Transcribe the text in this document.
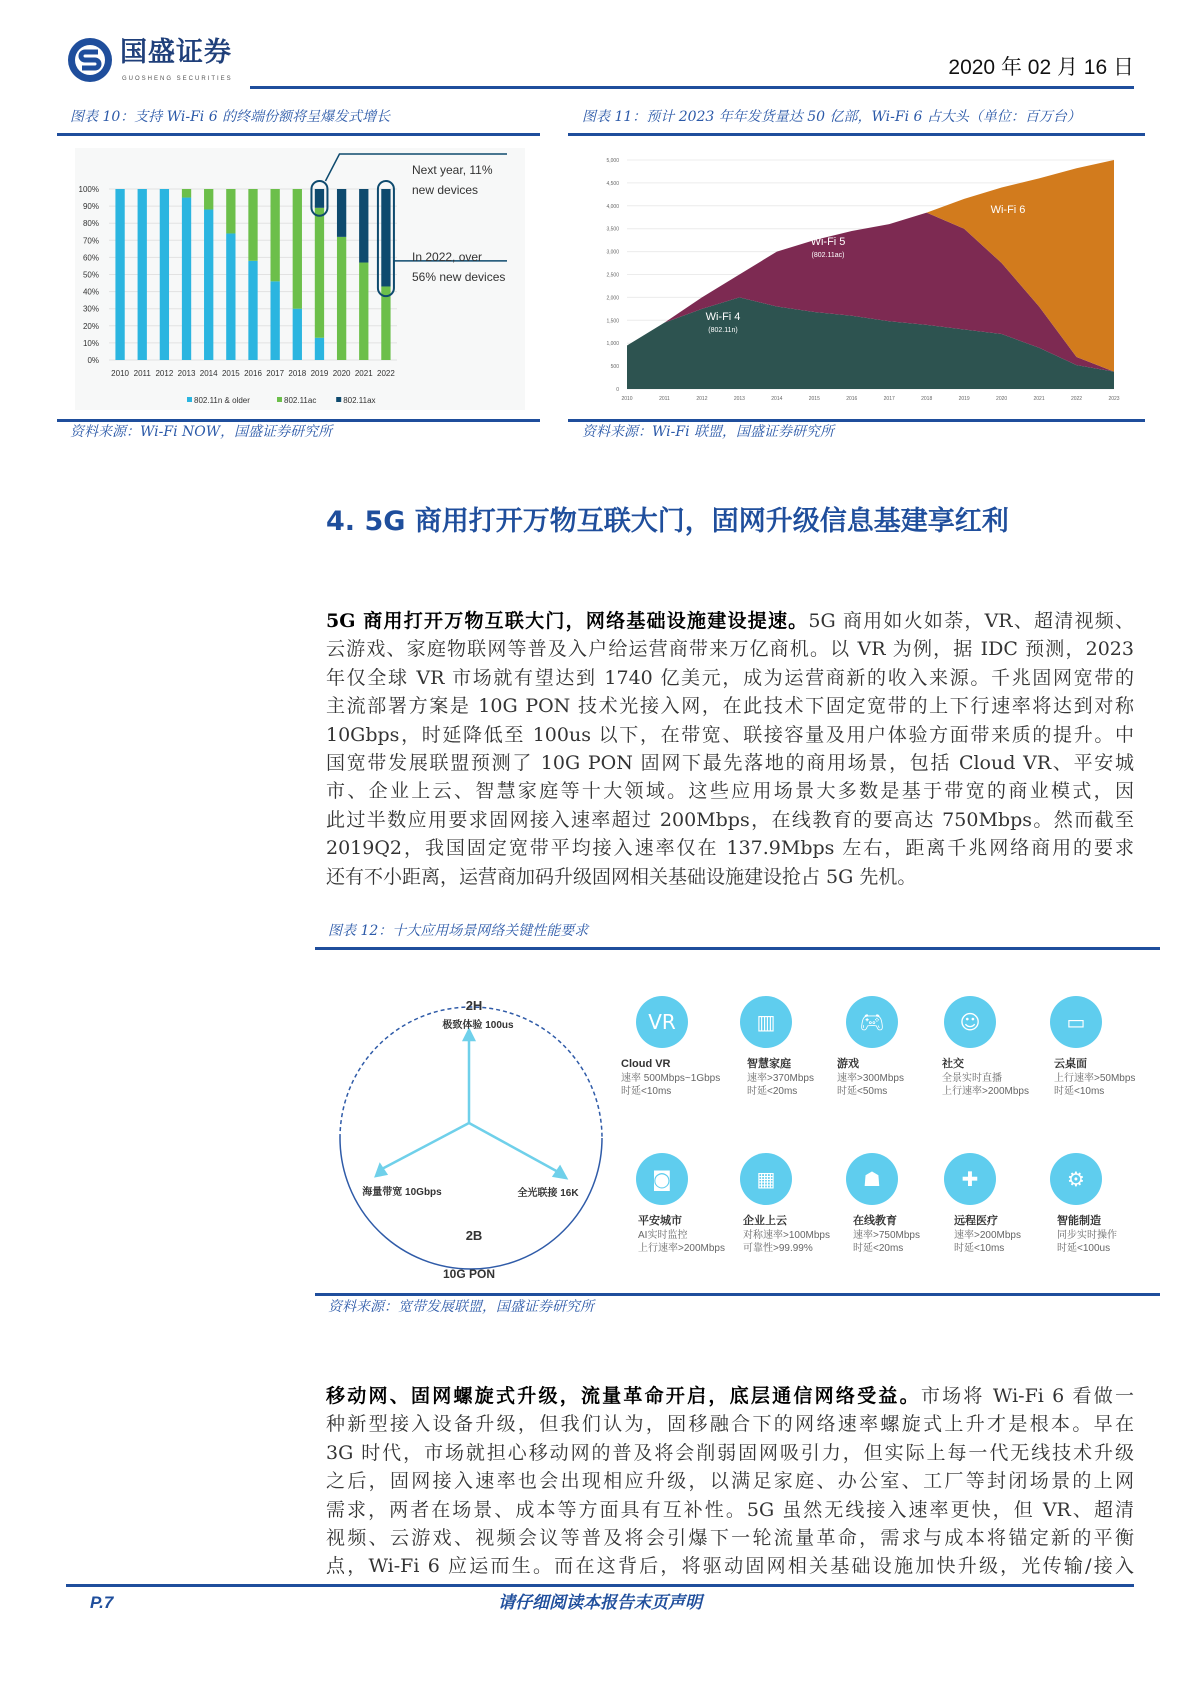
国盛证券
GUOSHENG SECURITIES	2020 年 02 月 16 日
图表 10：支持 Wi-Fi 6 的终端份额将呈爆发式增长
0%
10%
20%
30%
40%
50%
60%
70%
80%
90%
100%
2010 2011 2012 2013 2014 2015 2016 2017 2018 2019 2020 2021 2022
Next year, 11% new devices
In 2022, over 56% new devices
802.11n & older	802.11ac	802.11ax
资料来源：Wi-Fi NOW，国盛证券研究所
图表 11：预计 2023 年年发货量达 50 亿部，Wi-Fi 6 占大头（单位：百万台）
0
500
1,000
1,500
2,000
2,500
3,000
3,500
4,000
4,500
5,000
2010	2011	2012	2013	2014	2015	2016	2017	2018	2019	2020	2021	2022	2023
Wi-Fi 4
(802.11n)
Wi-Fi 5
(802.11ac)
Wi-Fi 6
资料来源：Wi-Fi 联盟，国盛证券研究所
4. 5G 商用打开万物互联大门，固网升级信息基建享红利
5G 商用打开万物互联大门，网络基础设施建设提速。5G 商用如火如荼，VR、超清视频、
云游戏、家庭物联网等普及入户给运营商带来万亿商机。以 VR 为例，据 IDC 预测，2023
年仅全球 VR 市场就有望达到 1740 亿美元，成为运营商新的收入来源。千兆固网宽带的
主流部署方案是 10G PON 技术光接入网，在此技术下固定宽带的上下行速率将达到对称
10Gbps，时延降低至 100us 以下，在带宽、联接容量及用户体验方面带来质的提升。中
国宽带发展联盟预测了 10G PON 固网下最先落地的商用场景，包括 Cloud VR、平安城
市、企业上云、智慧家庭等十大领域。这些应用场景大多数是基于带宽的商业模式，因
此过半数应用要求固网接入速率超过 200Mbps，在线教育的要高达 750Mbps。然而截至
2019Q2，我国固定宽带平均接入速率仅在 137.9Mbps 左右，距离千兆网络商用的要求
还有不小距离，运营商加码升级固网相关基础设施建设抢占 5G 先机。
图表 12：十大应用场景网络关键性能要求
2H
极致体验 100us
海量带宽 10Gbps	全光联接 16K
2B
10G PON
VR
Cloud VR
速率 500Mbps~1Gbps
时延<10ms
▥
智慧家庭
速率>370Mbps
时延<20ms
🎮︎
游戏
速率>300Mbps
时延<50ms
☺
社交
全景实时直播
上行速率>200Mbps
▭
云桌面
上行速率>50Mbps
时延<10ms
◙
平安城市
AI实时监控
上行速率>200Mbps
▦
企业上云
对称速率>100Mbps
可靠性>99.99%
☗
在线教育
速率>750Mbps
时延<20ms
✚
远程医疗
速率>200Mbps
时延<10ms
⚙
智能制造
同步实时操作
时延<100us
资料来源：宽带发展联盟，国盛证券研究所
移动网、固网螺旋式升级，流量革命开启，底层通信网络受益。市场将 Wi-Fi 6 看做一
种新型接入设备升级，但我们认为，固移融合下的网络速率螺旋式上升才是根本。早在
3G 时代，市场就担心移动网的普及将会削弱固网吸引力，但实际上每一代无线技术升级
之后，固网接入速率也会出现相应升级，以满足家庭、办公室、工厂等封闭场景的上网
需求，两者在场景、成本等方面具有互补性。5G 虽然无线接入速率更快，但 VR、超清
视频、云游戏、视频会议等普及将会引爆下一轮流量革命，需求与成本将锚定新的平衡
点，Wi-Fi 6 应运而生。而在这背后，将驱动固网相关基础设施加快升级，光传输/接入
P.7	请仔细阅读本报告末页声明
